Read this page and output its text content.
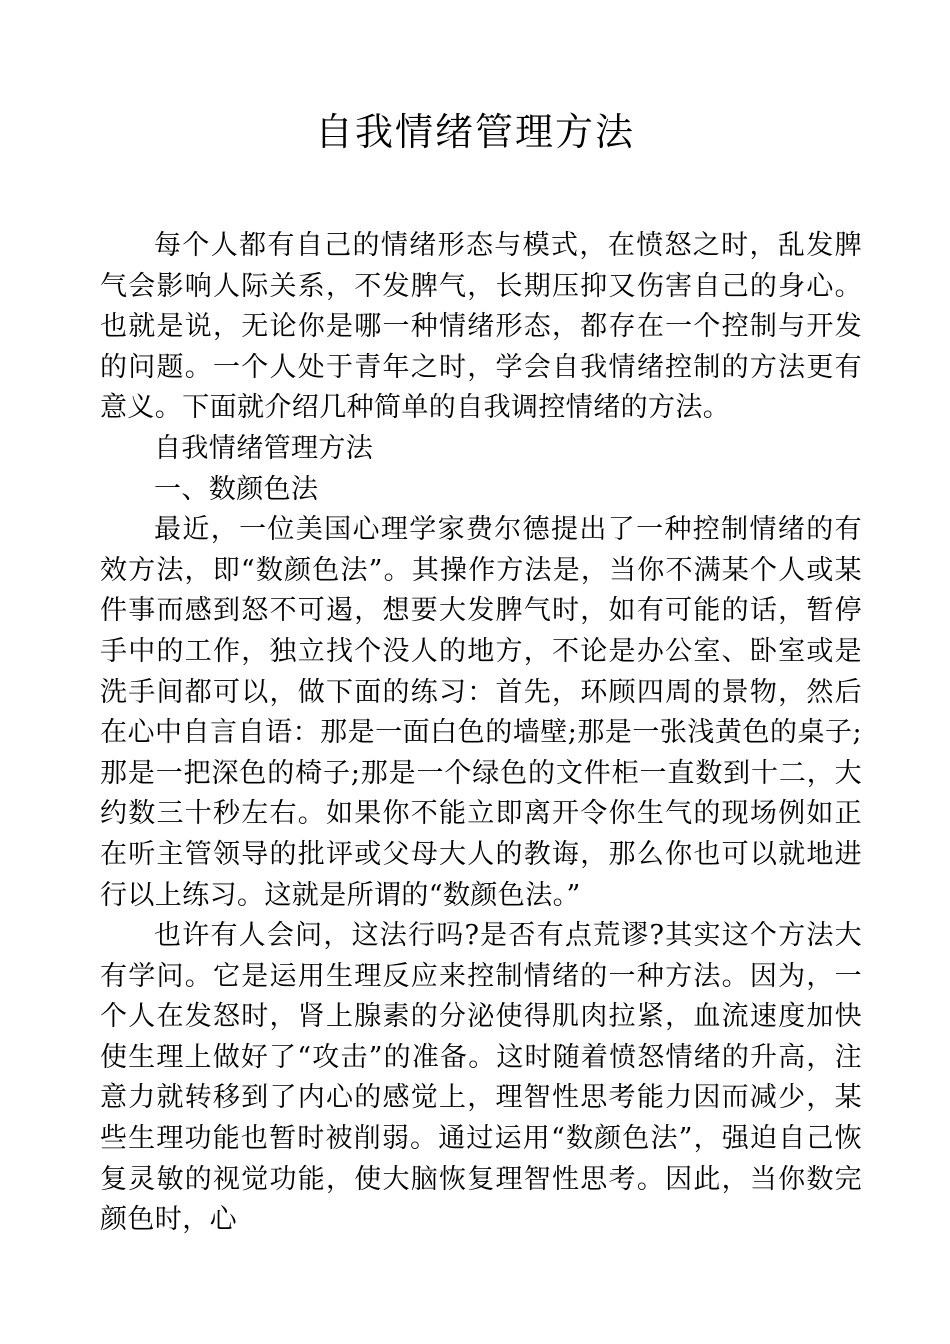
自我情绪管理方法

每个人都有自己的情绪形态与模式，在愤怒之时，乱发脾气会影响人际关系，不发脾气，长期压抑又伤害自己的身心。也就是说，无论你是哪一种情绪形态，都存在一个控制与开发的问题。一个人处于青年之时，学会自我情绪控制的方法更有意义。下面就介绍几种简单的自我调控情绪的方法。

自我情绪管理方法

一、数颜色法

最近，一位美国心理学家费尔德提出了一种控制情绪的有效方法，即“数颜色法”。其操作方法是，当你不满某个人或某件事而感到怒不可遏，想要大发脾气时，如有可能的话，暂停手中的工作，独立找个没人的地方，不论是办公室、卧室或是洗手间都可以，做下面的练习：首先，环顾四周的景物，然后在心中自言自语：那是一面白色的墙壁;那是一张浅黄色的桌子;那是一把深色的椅子;那是一个绿色的文件柜一直数到十二，大约数三十秒左右。如果你不能立即离开令你生气的现场例如正在听主管领导的批评或父母大人的教诲，那么你也可以就地进行以上练习。这就是所谓的“数颜色法。”

也许有人会问，这法行吗?是否有点荒谬?其实这个方法大有学问。它是运用生理反应来控制情绪的一种方法。因为，一个人在发怒时，肾上腺素的分泌使得肌肉拉紧，血流速度加快使生理上做好了“攻击”的准备。这时随着愤怒情绪的升高，注意力就转移到了内心的感觉上，理智性思考能力因而减少，某些生理功能也暂时被削弱。通过运用“数颜色法”，强迫自己恢复灵敏的视觉功能，使大脑恢复理智性思考。因此，当你数完颜色时，心
